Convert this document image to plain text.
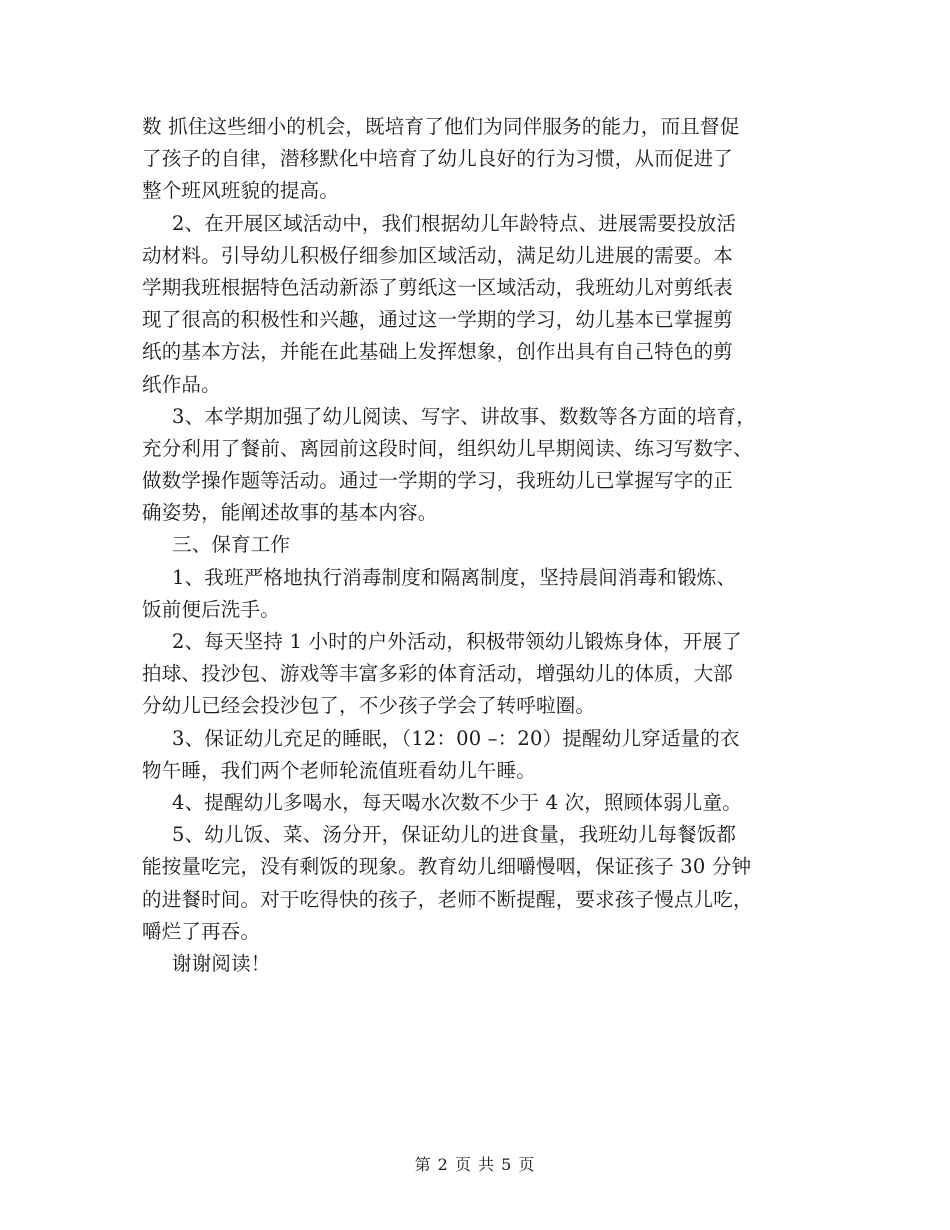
数 抓住这些细小的机会，既培育了他们为同伴服务的能力，而且督促
了孩子的自律，潜移默化中培育了幼儿良好的行为习惯，从而促进了
整个班风班貌的提高。
2、在开展区域活动中，我们根据幼儿年龄特点、进展需要投放活
动材料。引导幼儿积极仔细参加区域活动，满足幼儿进展的需要。本
学期我班根据特色活动新添了剪纸这一区域活动，我班幼儿对剪纸表
现了很高的积极性和兴趣，通过这一学期的学习，幼儿基本已掌握剪
纸的基本方法，并能在此基础上发挥想象，创作出具有自己特色的剪
纸作品。
3、本学期加强了幼儿阅读、写字、讲故事、数数等各方面的培育，
充分利用了餐前、离园前这段时间，组织幼儿早期阅读、练习写数字、
做数学操作题等活动。通过一学期的学习，我班幼儿已掌握写字的正
确姿势，能阐述故事的基本内容。
三、保育工作
1、我班严格地执行消毒制度和隔离制度，坚持晨间消毒和锻炼、
饭前便后洗手。
2、每天坚持 1 小时的户外活动，积极带领幼儿锻炼身体，开展了
拍球、投沙包、游戏等丰富多彩的体育活动，增强幼儿的体质，大部
分幼儿已经会投沙包了，不少孩子学会了转呼啦圈。
3、保证幼儿充足的睡眠，（12：00 –：20）提醒幼儿穿适量的衣
物午睡，我们两个老师轮流值班看幼儿午睡。
4、提醒幼儿多喝水，每天喝水次数不少于 4 次，照顾体弱儿童。
5、幼儿饭、菜、汤分开，保证幼儿的进食量，我班幼儿每餐饭都
能按量吃完，没有剩饭的现象。教育幼儿细嚼慢咽，保证孩子 30 分钟
的进餐时间。对于吃得快的孩子，老师不断提醒，要求孩子慢点儿吃，
嚼烂了再吞。
谢谢阅读！
第 2 页 共 5 页
